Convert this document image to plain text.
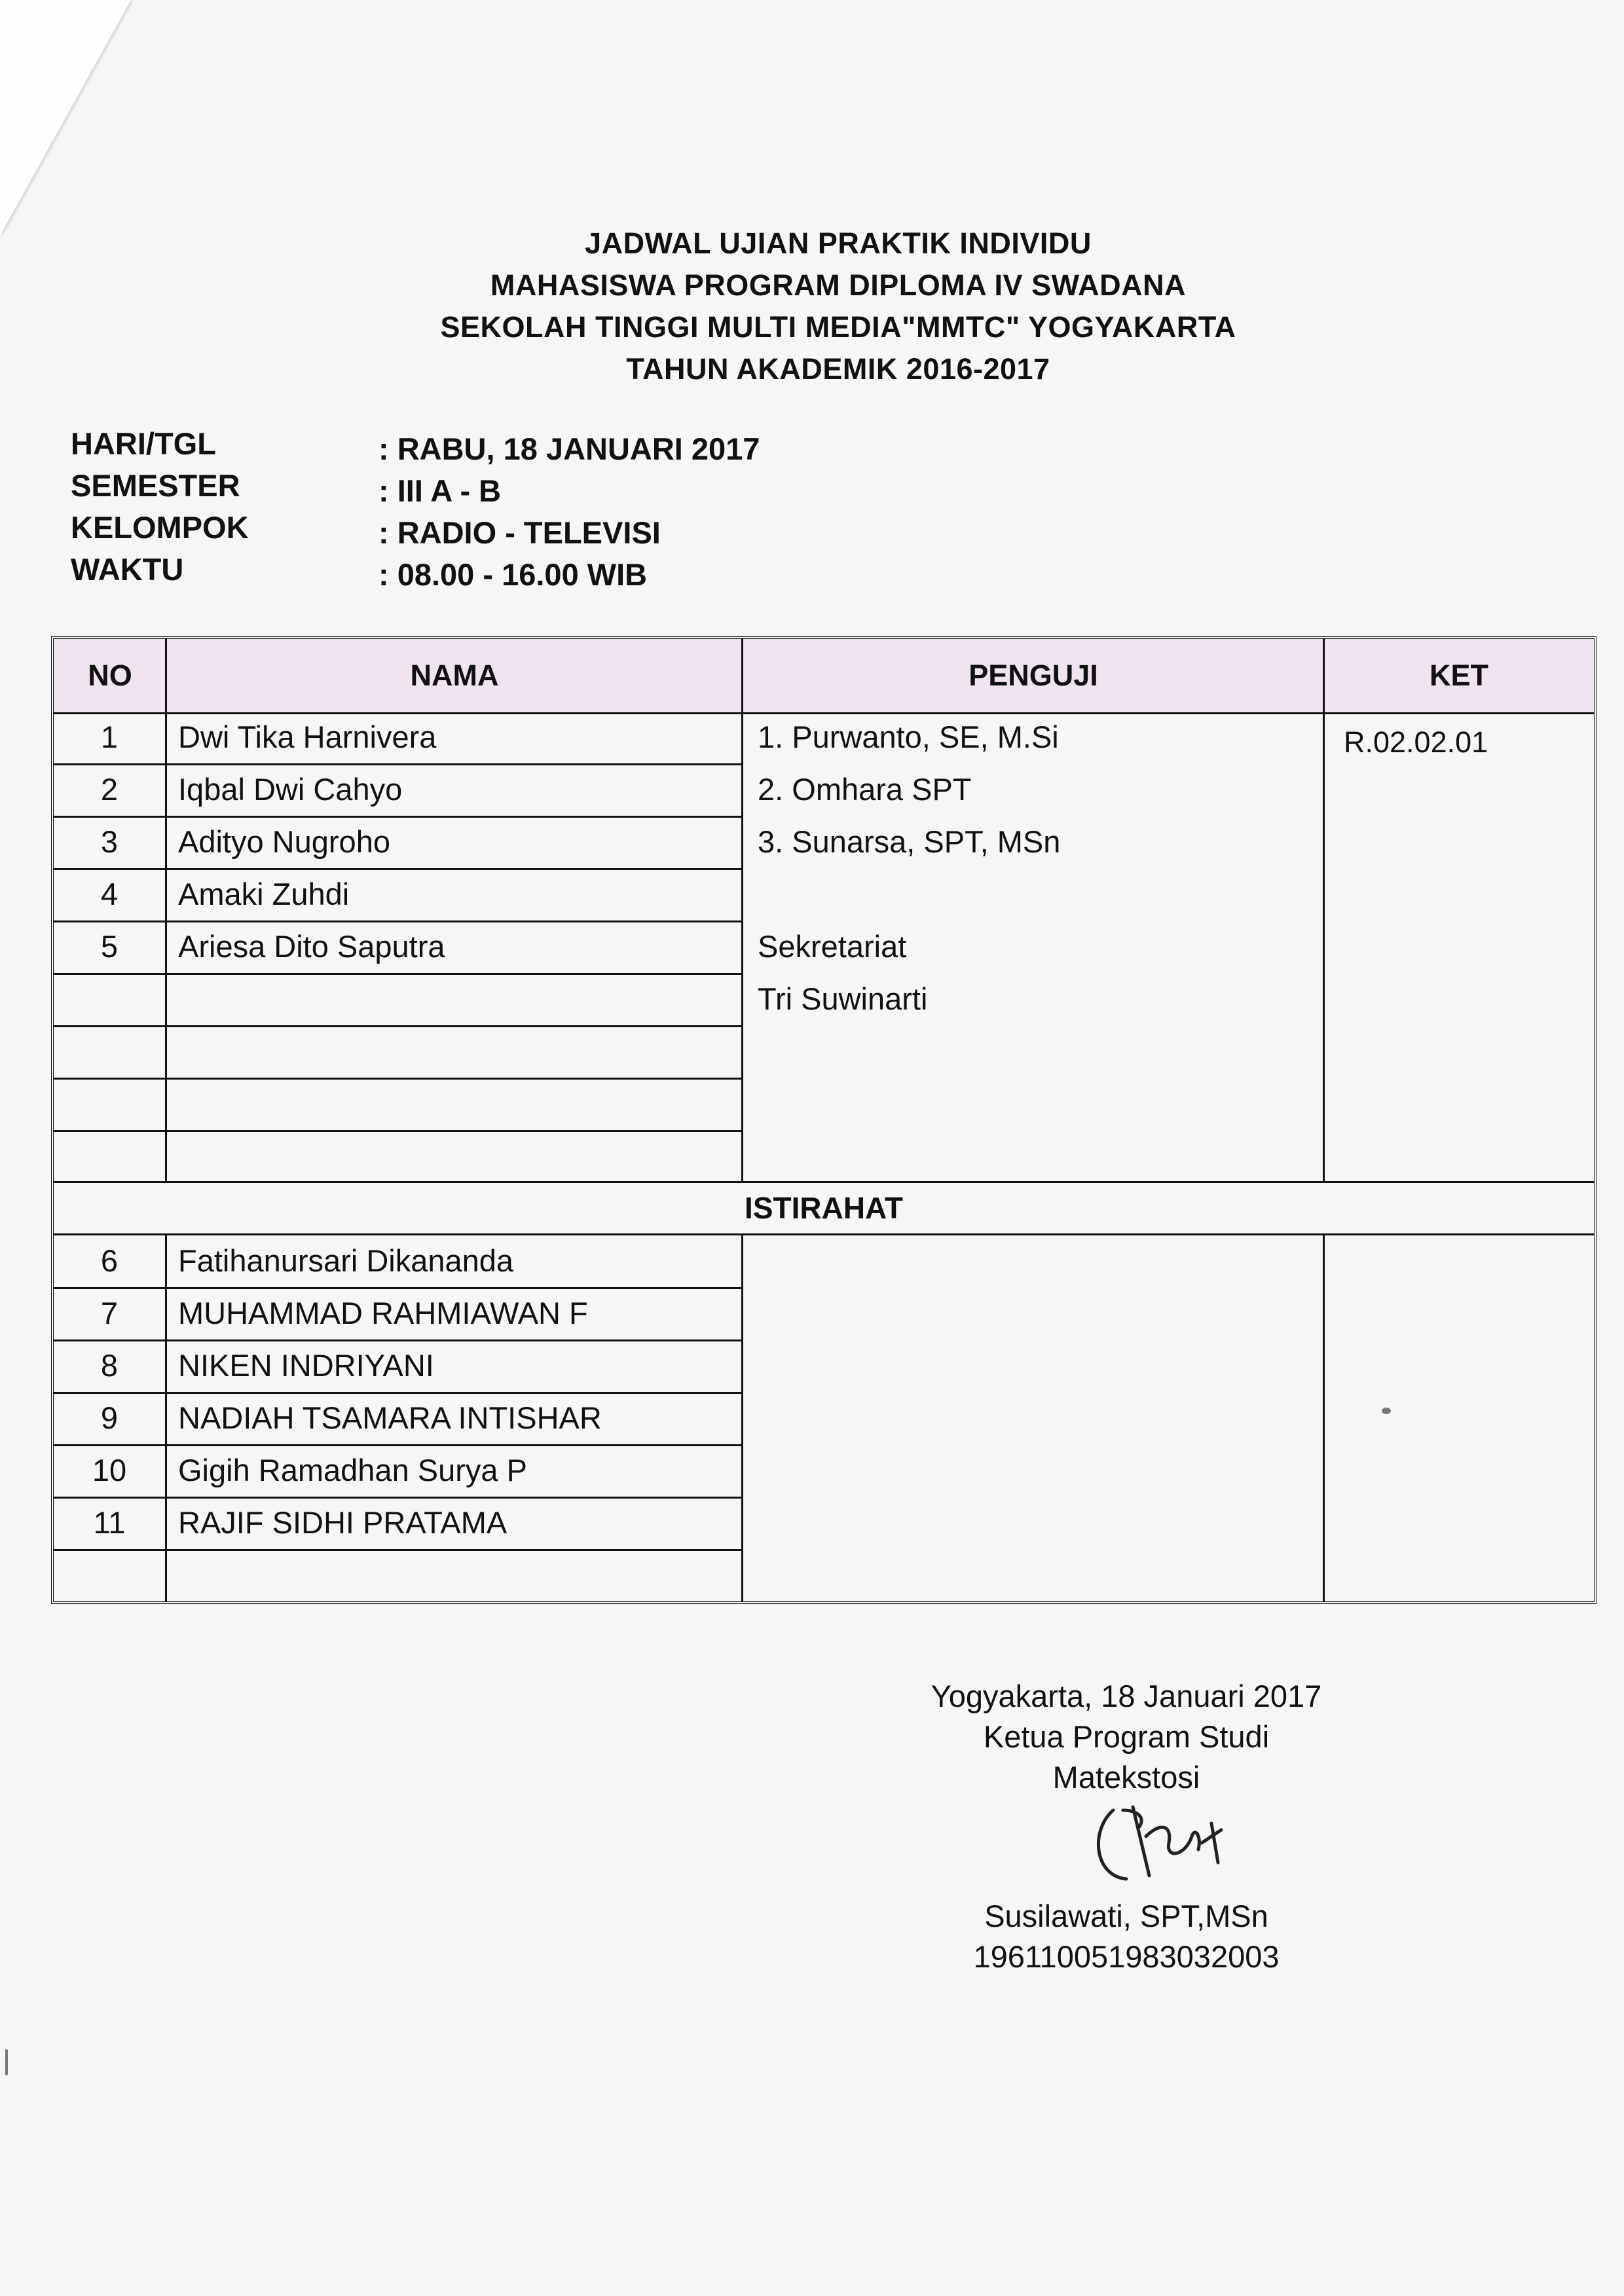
JADWAL UJIAN PRAKTIK INDIVIDU
MAHASISWA PROGRAM DIPLOMA IV SWADANA
SEKOLAH TINGGI MULTI MEDIA"MMTC" YOGYAKARTA
TAHUN AKADEMIK 2016-2017
HARI/TGL	: RABU, 18 JANUARI 2017
SEMESTER	: III A - B
KELOMPOK	: RADIO - TELEVISI
WAKTU	: 08.00 - 16.00 WIB
NO	NAMA	PENGUJI	KET
1	Dwi Tika Harnivera
2	Iqbal Dwi Cahyo
3	Adityo Nugroho
4	Amaki Zuhdi
5	Ariesa Dito Saputra
1. Purwanto, SE, M.Si
2. Omhara SPT
3. Sunarsa, SPT, MSn
Sekretariat
Tri Suwinarti
R.02.02.01
ISTIRAHAT
6	Fatihanursari Dikananda
7	MUHAMMAD RAHMIAWAN F
8	NIKEN INDRIYANI
9	NADIAH TSAMARA INTISHAR
10	Gigih Ramadhan Surya P
11	RAJIF SIDHI PRATAMA
Yogyakarta, 18 Januari 2017
Ketua Program Studi
Matekstosi
Susilawati, SPT,MSn
196110051983032003
